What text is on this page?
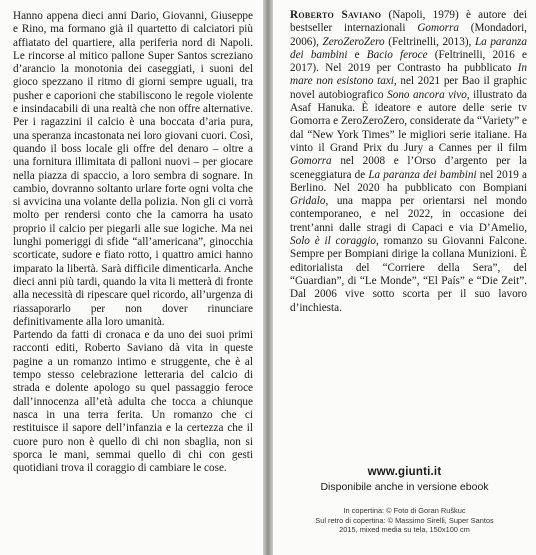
Hanno appena dieci anni Dario, Giovanni, Giuseppe e Rino, ma formano già il quartetto di calciatori più affiatato del quartiere, alla periferia nord di Napoli. Le rincorse al mitico pallone Super Santos screziano d’arancio la monotonia dei caseggiati, i suoni del gioco spezzano il ritmo di giorni sempre uguali, tra pusher e caporioni che stabiliscono le regole violente e insindacabili di una realtà che non offre alternative. Per i ragazzini il calcio è una boccata d’aria pura, una speranza incastonata nei loro giovani cuori. Così, quando il boss locale gli offre del denaro – oltre a una fornitura illimitata di palloni nuovi – per giocare nella piazza di spaccio, a loro sembra di sognare. In cambio, dovranno soltanto urlare forte ogni volta che si avvicina una volante della polizia. Non gli ci vorrà molto per rendersi conto che la camorra ha usato proprio il calcio per piegarli alle sue logiche. Ma nei lunghi pomeriggi di sfide “all’americana”, ginocchia scorticate, sudore e fiato rotto, i quattro amici hanno imparato la libertà. Sarà difficile dimenticarla. Anche dieci anni più tardi, quando la vita li metterà di fronte alla necessità di ripescare quel ricordo, all’urgenza di riassaporarlo per non dover rinunciare definitivamente alla loro umanità.

Partendo da fatti di cronaca e da uno dei suoi primi racconti editi, Roberto Saviano dà vita in queste pagine a un romanzo intimo e struggente, che è al tempo stesso celebrazione letteraria del calcio di strada e dolente apologo su quel passaggio feroce dall’innocenza all’età adulta che tocca a chiunque nasca in una terra ferita. Un romanzo che ci restituisce il sapore dell’infanzia e la certezza che il cuore puro non è quello di chi non sbaglia, non si sporca le mani, semmai quello di chi con gesti quotidiani trova il coraggio di cambiare le cose.

Roberto Saviano (Napoli, 1979) è autore dei bestseller internazionali Gomorra (Mondadori, 2006), ZeroZeroZero (Feltrinelli, 2013), La paranza dei bambini e Bacio feroce (Feltrinelli, 2016 e 2017). Nel 2019 per Contrasto ha pubblicato In mare non esistono taxi, nel 2021 per Bao il graphic novel autobiografico Sono ancora vivo, illustrato da Asaf Hanuka. È ideatore e autore delle serie tv Gomorra e ZeroZeroZero, considerate da “Variety” e dal “New York Times” le migliori serie italiane. Ha vinto il Grand Prix du Jury a Cannes per il film Gomorra nel 2008 e l’Orso d’argento per la sceneggiatura de La paranza dei bambini nel 2019 a Berlino. Nel 2020 ha pubblicato con Bompiani Gridalo, una mappa per orientarsi nel mondo contemporaneo, e nel 2022, in occasione dei trent’anni dalle stragi di Capaci e via D’Amelio, Solo è il coraggio, romanzo su Giovanni Falcone. Sempre per Bompiani dirige la collana Munizioni. È editorialista del “Corriere della Sera”, del “Guardian”, di “Le Monde”, “El País” e “Die Zeit”. Dal 2006 vive sotto scorta per il suo lavoro d’inchiesta.

www.giunti.it
Disponibile anche in versione ebook
In copertina: © Foto di Goran Ruškuc
Sul retro di copertina: © Massimo Sirelli, Super Santos
2015, mixed media su tela, 150x100 cm
